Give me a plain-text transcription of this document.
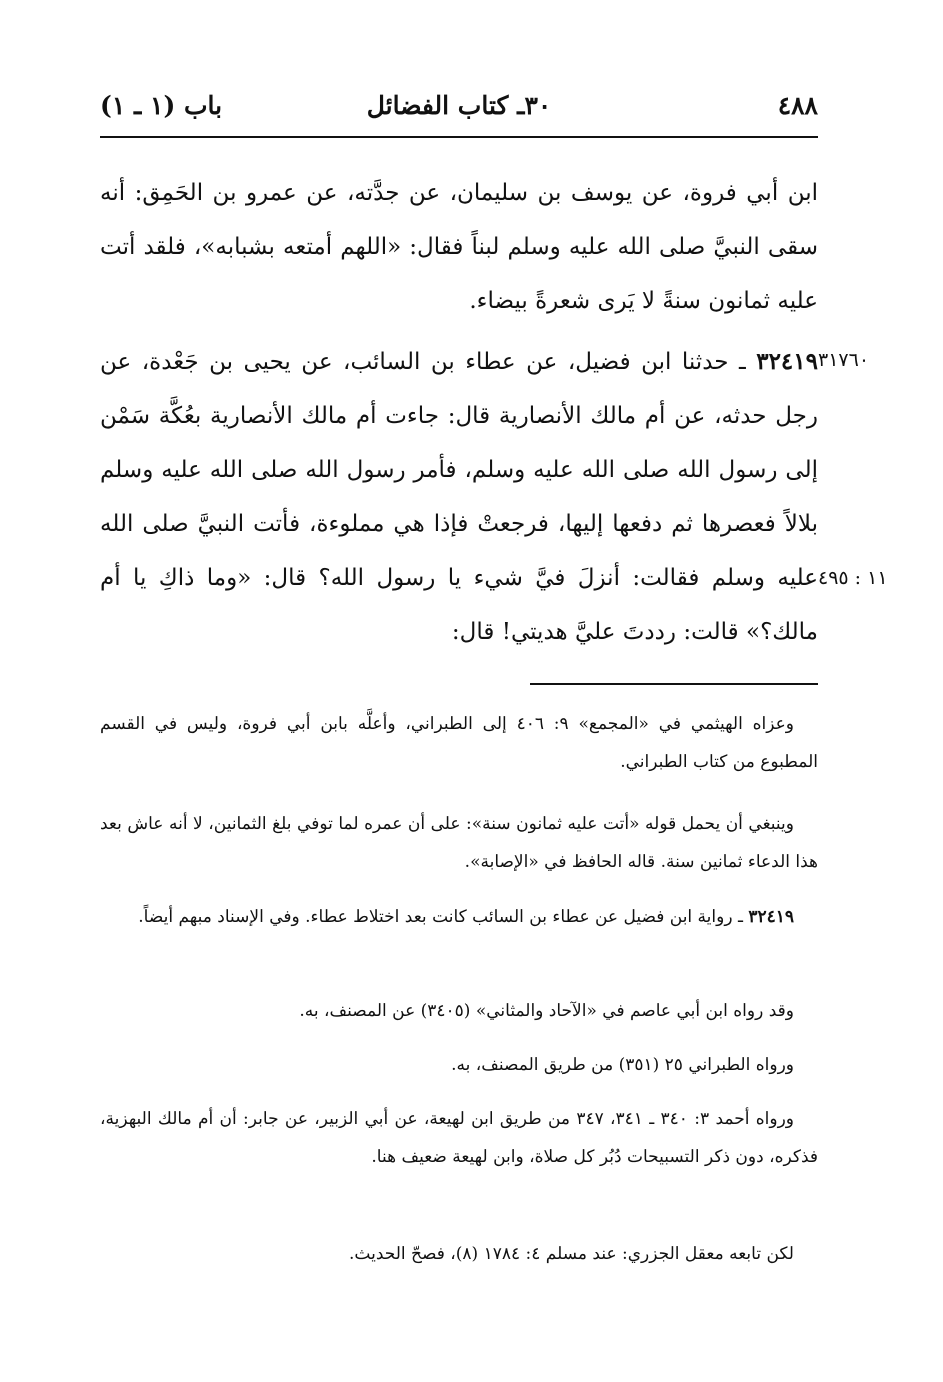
٤٨٨
٣٠ـ كتاب الفضائل
باب (١ ـ ١)
ابن أبي فروة، عن يوسف بن سليمان، عن جدَّته، عن عمرو بن الحَمِق: أنه سقى النبيَّ صلى الله عليه وسلم لبناً فقال: «اللهم أمتعه بشبابه»، فلقد أتت عليه ثمانون سنةً لا يَرى شعرةً بيضاء.
٣٢٤١٩ ـ حدثنا ابن فضيل، عن عطاء بن السائب، عن يحيى بن جَعْدة، عن رجل حدثه، عن أم مالك الأنصارية قال: جاءت أم مالك الأنصارية بعُكَّة سَمْن إلى رسول الله صلى الله عليه وسلم، فأمر رسول الله صلى الله عليه وسلم بلالاً فعصرها ثم دفعها إليها، فرجعتْ فإذا هي مملوءة، فأتت النبيَّ صلى الله عليه وسلم فقالت: أنزلَ فيَّ شيء يا رسول الله؟ قال: «وما ذاكِ يا أم مالك؟» قالت: رددتَ عليَّ هديتي! قال:
٣١٧٦٠
١١ : ٤٩٥

وعزاه الهيثمي في «المجمع» ٩: ٤٠٦ إلى الطبراني، وأعلَّه بابن أبي فروة، وليس في القسم المطبوع من كتاب الطبراني.

وينبغي أن يحمل قوله «أتت عليه ثمانون سنة»: على أن عمره لما توفي بلغ الثمانين، لا أنه عاش بعد هذا الدعاء ثمانين سنة. قاله الحافظ في «الإصابة».

٣٢٤١٩ ـ رواية ابن فضيل عن عطاء بن السائب كانت بعد اختلاط عطاء. وفي الإسناد مبهم أيضاً.

وقد رواه ابن أبي عاصم في «الآحاد والمثاني» (٣٤٠٥) عن المصنف، به.

ورواه الطبراني ٢٥ (٣٥١) من طريق المصنف، به.

ورواه أحمد ٣: ٣٤٠ ـ ٣٤١، ٣٤٧ من طريق ابن لهيعة، عن أبي الزبير، عن جابر: أن أم مالك البهزية، فذكره، دون ذكر التسبيحات دُبُر كل صلاة، وابن لهيعة ضعيف هنا.

لكن تابعه معقل الجزري: عند مسلم ٤: ١٧٨٤ (٨)، فصحّ الحديث.
